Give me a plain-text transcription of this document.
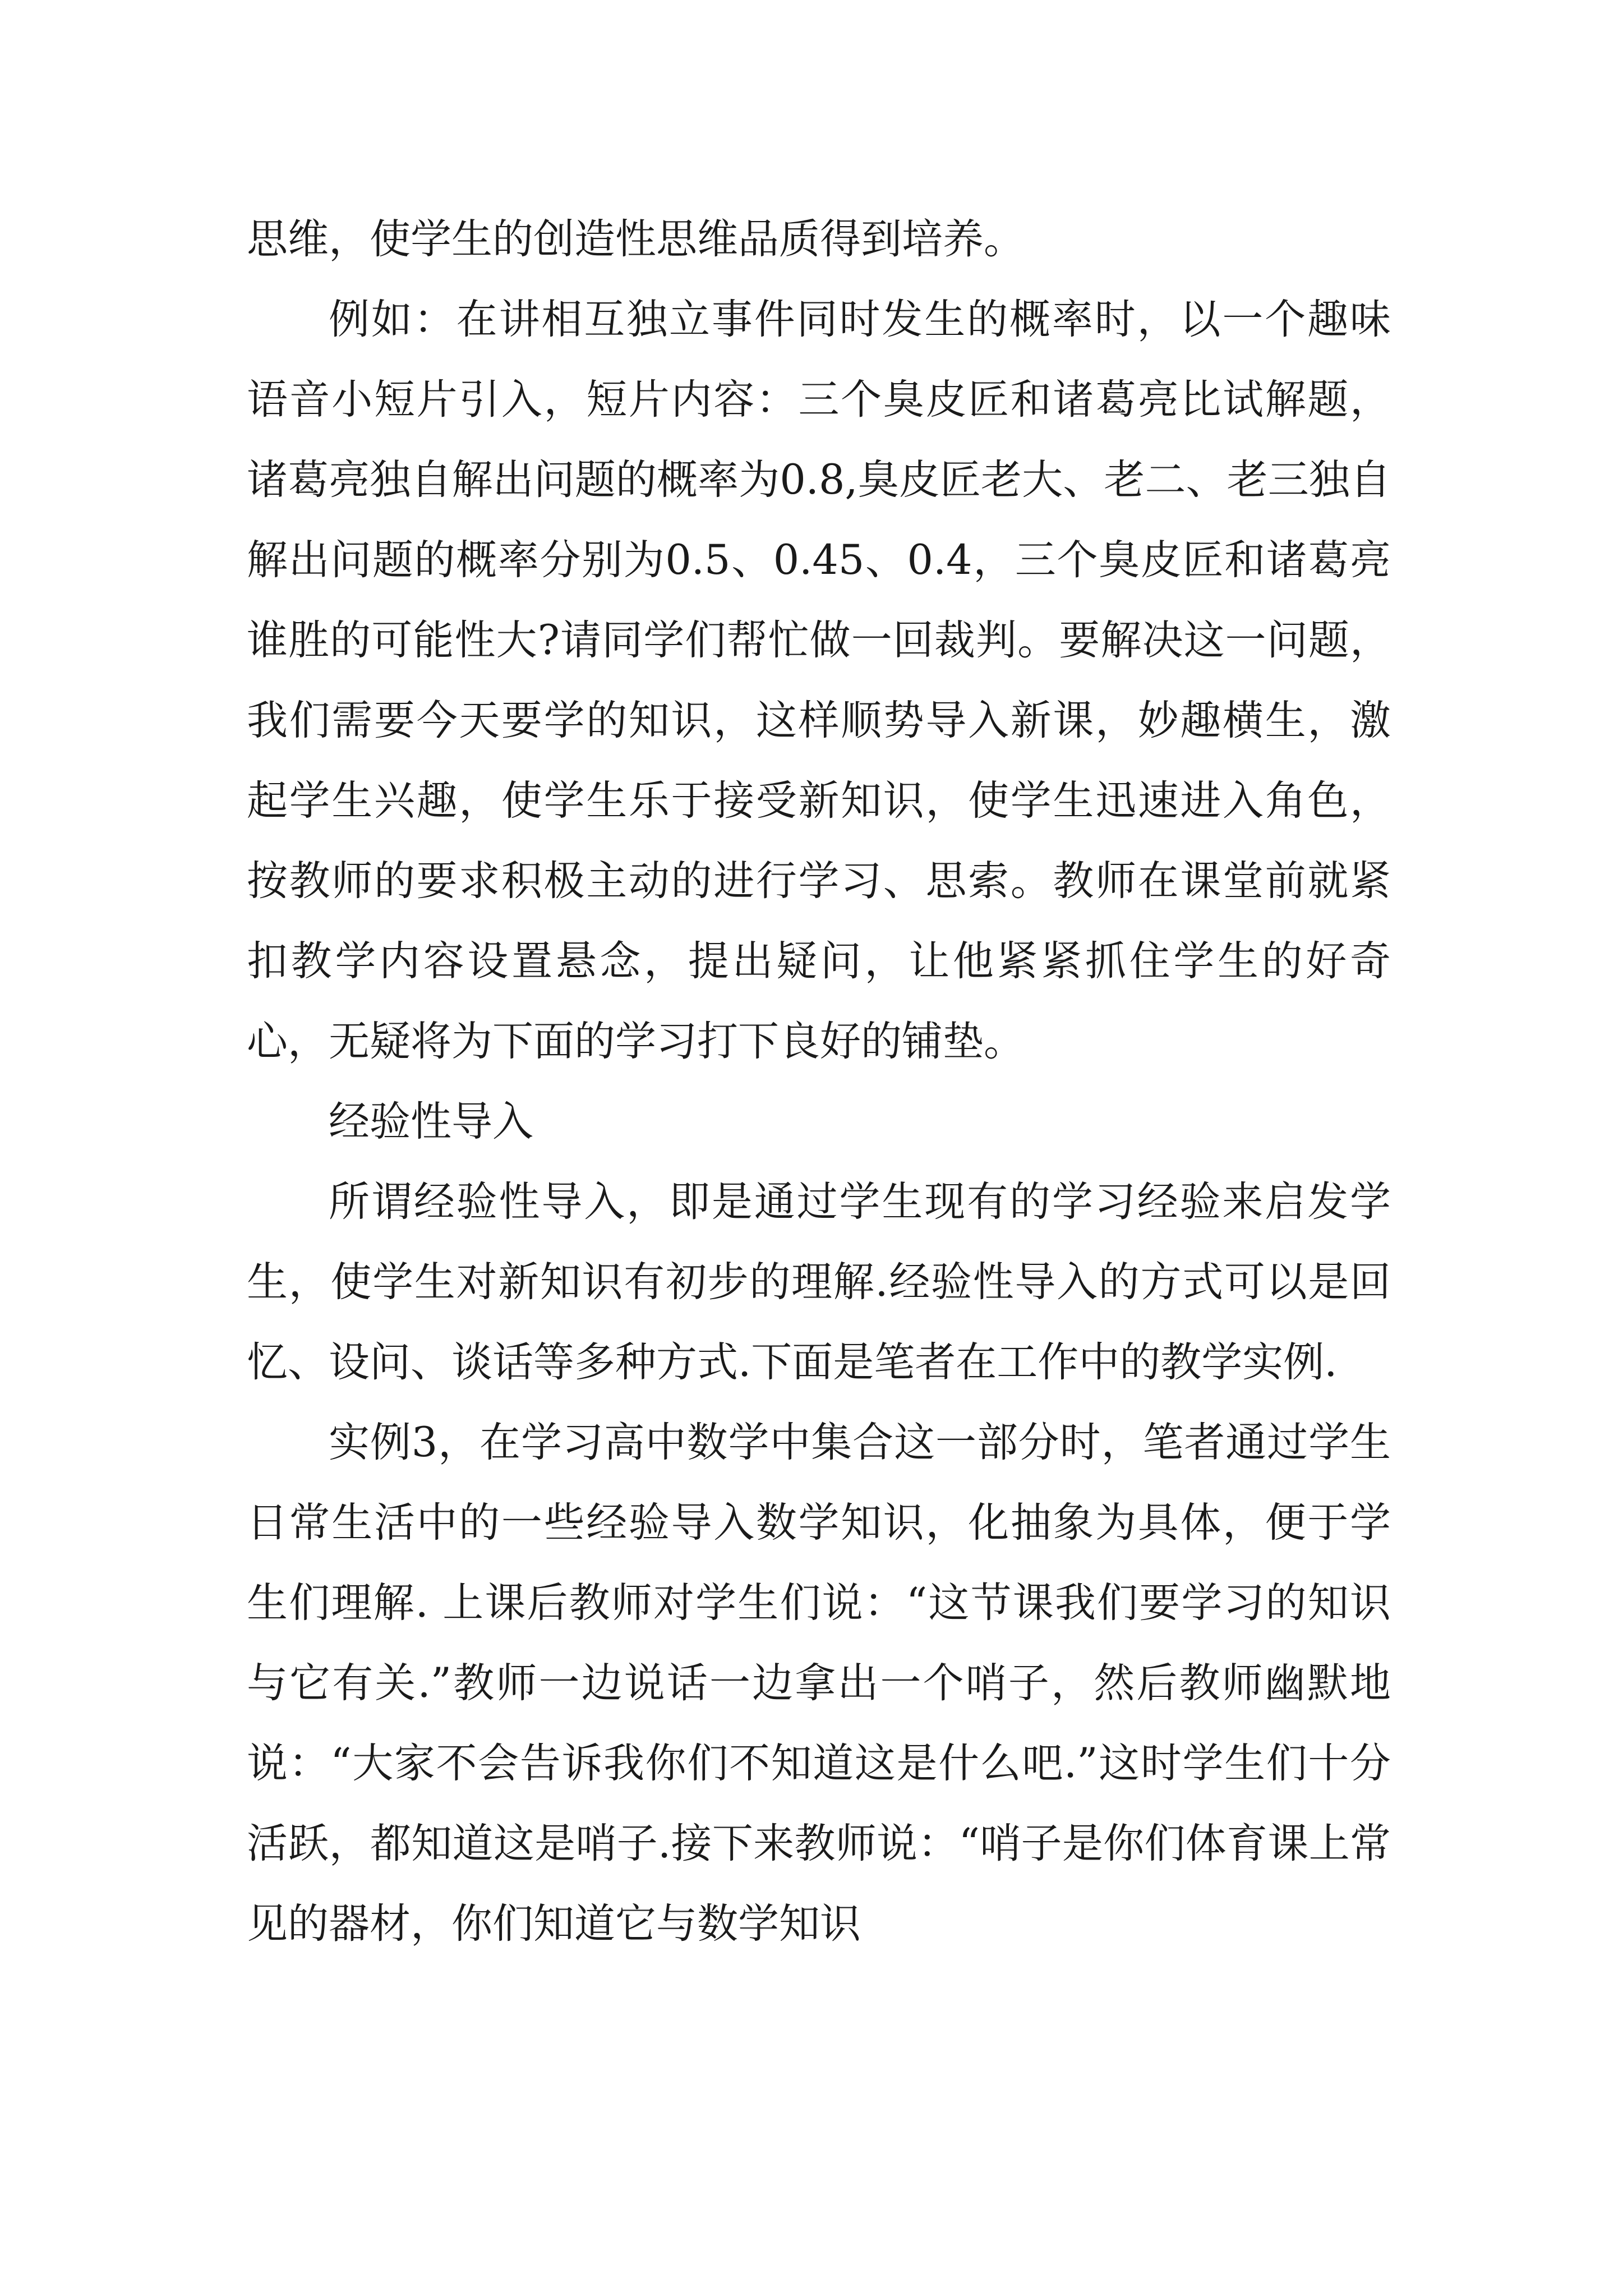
思维，使学生的创造性思维品质得到培养。

例如：在讲相互独立事件同时发生的概率时，以一个趣味语音小短片引入，短片内容：三个臭皮匠和诸葛亮比试解题，诸葛亮独自解出问题的概率为0.8,臭皮匠老大、老二、老三独自解出问题的概率分别为0.5、0.45、0.4，三个臭皮匠和诸葛亮谁胜的可能性大?请同学们帮忙做一回裁判。要解决这一问题，我们需要今天要学的知识，这样顺势导入新课，妙趣横生，激起学生兴趣，使学生乐于接受新知识，使学生迅速进入角色，按教师的要求积极主动的进行学习、思索。教师在课堂前就紧扣教学内容设置悬念，提出疑问，让他紧紧抓住学生的好奇心，无疑将为下面的学习打下良好的铺垫。

经验性导入

所谓经验性导入，即是通过学生现有的学习经验来启发学生，使学生对新知识有初步的理解.经验性导入的方式可以是回忆、设问、谈话等多种方式.下面是笔者在工作中的教学实例.

实例3，在学习高中数学中集合这一部分时，笔者通过学生日常生活中的一些经验导入数学知识，化抽象为具体，便于学生们理解. 上课后教师对学生们说：“这节课我们要学习的知识与它有关.”教师一边说话一边拿出一个哨子，然后教师幽默地说：“大家不会告诉我你们不知道这是什么吧.”这时学生们十分活跃，都知道这是哨子.接下来教师说：“哨子是你们体育课上常见的器材，你们知道它与数学知识
